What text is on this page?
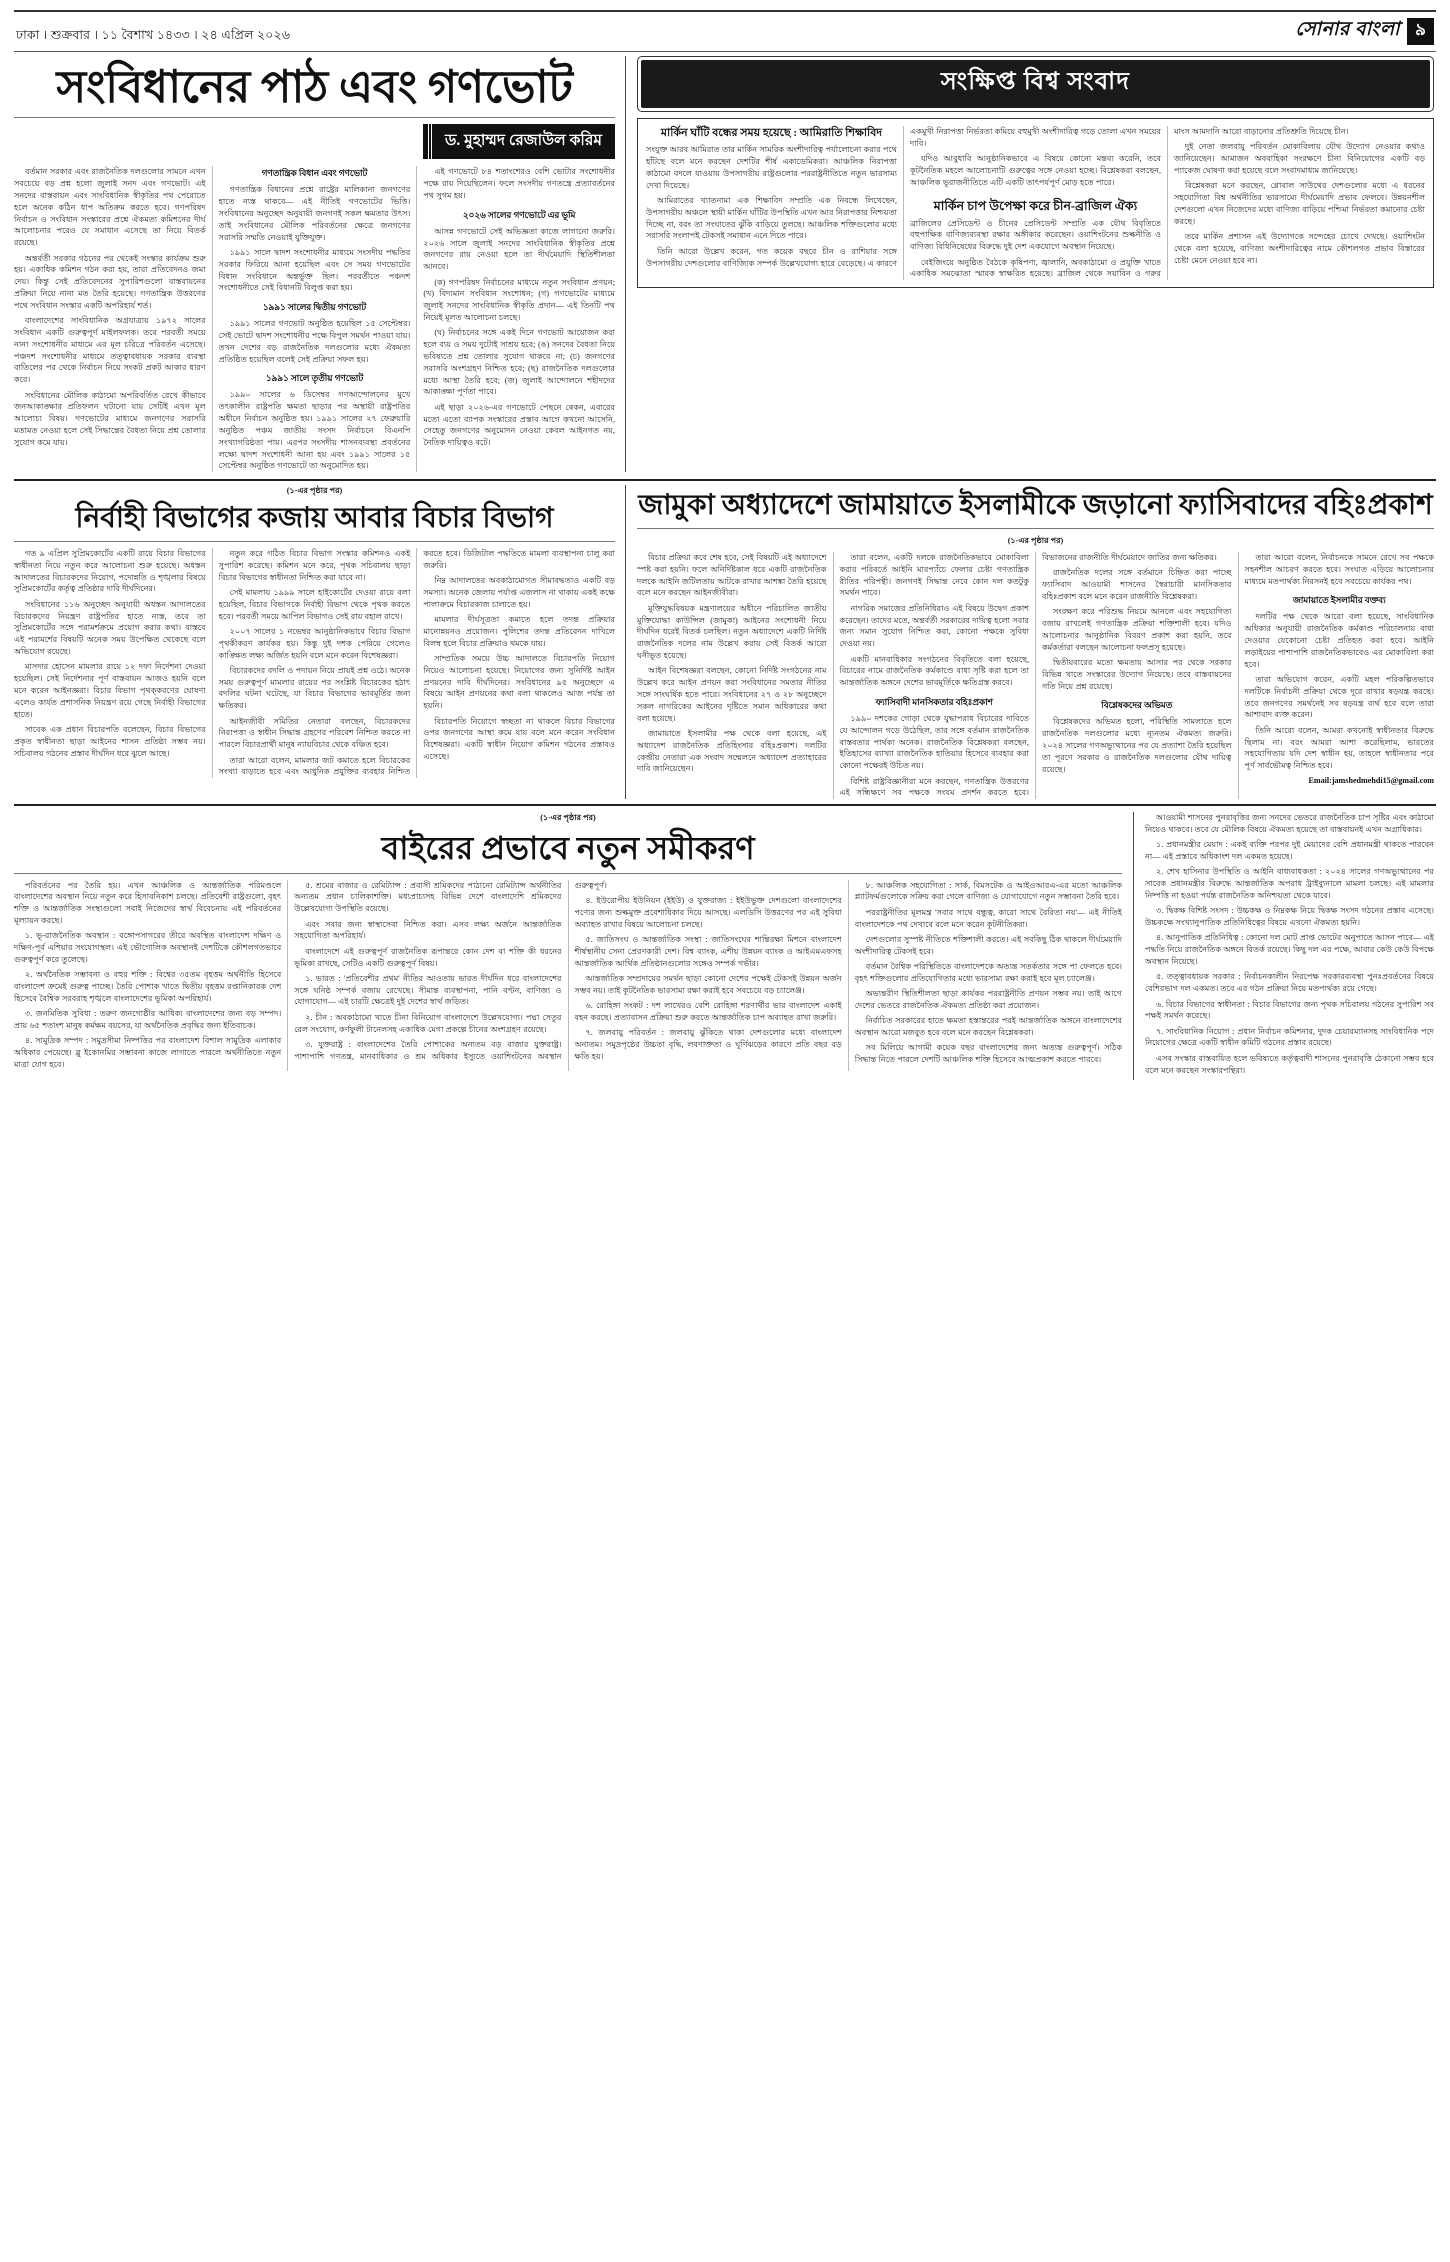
ঢাকা । শুক্রবার । ১১ বৈশাখ ১৪৩৩ । ২৪ এপ্রিল ২০২৬	সোনার বাংলা ৯
সংবিধানের পাঠ এবং গণভোট
ড. মুহাম্মদ রেজাউল করিম

বর্তমান সরকার এবং রাজনৈতিক দলগুলোর সামনে এখন সবচেয়ে বড় প্রশ্ন হলো জুলাই সনদ এবং গণভোট। এই সনদের বাস্তবায়ন এবং সাংবিধানিক স্বীকৃতির পথ পেরোতে হলে অনেক কঠিন ধাপ অতিক্রম করতে হবে। গণপরিষদ নির্বাচন ও সংবিধান সংস্কারের প্রশ্নে ঐকমত্য কমিশনের দীর্ঘ আলোচনার পরেও যে সমাধান এসেছে তা নিয়ে বিতর্ক রয়েছে।

অন্তর্বর্তী সরকার গঠনের পর থেকেই সংস্কার কার্যক্রম শুরু হয়। একাধিক কমিশন গঠন করা হয়, তারা প্রতিবেদনও জমা দেয়। কিন্তু সেই প্রতিবেদনের সুপারিশগুলো বাস্তবায়নের প্রক্রিয়া নিয়ে নানা মত তৈরি হয়েছে। গণতান্ত্রিক উত্তরণের পথে সংবিধান সংস্কার একটি অপরিহার্য শর্ত।

বাংলাদেশের সাংবিধানিক অগ্রযাত্রায় ১৯৭২ সালের সংবিধান একটি গুরুত্বপূর্ণ মাইলফলক। তবে পরবর্তী সময়ে নানা সংশোধনীর মাধ্যমে এর মূল চরিত্রে পরিবর্তন এসেছে। পঞ্চদশ সংশোধনীর মাধ্যমে তত্ত্বাবধায়ক সরকার ব্যবস্থা বাতিলের পর থেকে নির্বাচন নিয়ে সংকট প্রকট আকার ধারণ করে।

সংবিধানের মৌলিক কাঠামো অপরিবর্তিত রেখে কীভাবে জনআকাঙ্ক্ষার প্রতিফলন ঘটানো যায় সেটিই এখন মূল আলোচ্য বিষয়। গণভোটের মাধ্যমে জনগণের সরাসরি মতামত নেওয়া হলে সেই সিদ্ধান্তের বৈধতা নিয়ে প্রশ্ন তোলার সুযোগ কমে যায়।

গণতান্ত্রিক বিধান এবং গণভোট

গণতান্ত্রিক বিধানের প্রশ্নে রাষ্ট্রের মালিকানা জনগণের হাতে ন্যস্ত থাকবে— এই নীতিই গণভোটের ভিত্তি। সংবিধানের অনুচ্ছেদ অনুযায়ী জনগণই সকল ক্ষমতার উৎস। তাই সংবিধানের মৌলিক পরিবর্তনের ক্ষেত্রে জনগণের সরাসরি সম্মতি নেওয়াই যুক্তিযুক্ত।

১৯৯১ সালে দ্বাদশ সংশোধনীর মাধ্যমে সংসদীয় পদ্ধতির সরকার ফিরিয়ে আনা হয়েছিল এবং সে সময় গণভোটের বিধান সংবিধানে অন্তর্ভুক্ত ছিল। পরবর্তীতে পঞ্চদশ সংশোধনীতে সেই বিধানটি বিলুপ্ত করা হয়।

১৯৯১ সালের দ্বিতীয় গণভোট

১৯৯১ সালের গণভোট অনুষ্ঠিত হয়েছিল ১৫ সেপ্টেম্বর। সেই ভোটে দ্বাদশ সংশোধনীর পক্ষে বিপুল সমর্থন পাওয়া যায়। তখন দেশের বড় রাজনৈতিক দলগুলোর মধ্যে ঐকমত্য প্রতিষ্ঠিত হয়েছিল বলেই সেই প্রক্রিয়া সফল হয়।

১৯৯১ সালে তৃতীয় গণভোট

১৯৯০ সালের ৬ ডিসেম্বর গণআন্দোলনের মুখে তৎকালীন রাষ্ট্রপতি ক্ষমতা ছাড়ার পর অস্থায়ী রাষ্ট্রপতির অধীনে নির্বাচন অনুষ্ঠিত হয়। ১৯৯১ সালের ২৭ ফেব্রুয়ারি অনুষ্ঠিত পঞ্চম জাতীয় সংসদ নির্বাচনে বিএনপি সংখ্যাগরিষ্ঠতা পায়। এরপর সংসদীয় শাসনব্যবস্থা প্রবর্তনের লক্ষ্যে দ্বাদশ সংশোধনী আনা হয় এবং ১৯৯১ সালের ১৫ সেপ্টেম্বর অনুষ্ঠিত গণভোটে তা অনুমোদিত হয়।

এই গণভোটে ৮৪ শতাংশেরও বেশি ভোটার সংশোধনীর পক্ষে রায় দিয়েছিলেন। ফলে সংসদীয় গণতন্ত্রে প্রত্যাবর্তনের পথ সুগম হয়।

২০২৬ সালের গণভোটে এর ভূমি

আসন্ন গণভোটে সেই অভিজ্ঞতা কাজে লাগানো জরুরি। ২০২৬ সালে জুলাই সনদের সাংবিধানিক স্বীকৃতির প্রশ্নে জনগণের রায় নেওয়া হলে তা দীর্ঘমেয়াদি স্থিতিশীলতা আনবে।

(ক) গণপরিষদ নির্বাচনের মাধ্যমে নতুন সংবিধান প্রণয়ন; (খ) বিদ্যমান সংবিধান সংশোধন; (গ) গণভোটের মাধ্যমে জুলাই সনদের সাংবিধানিক স্বীকৃতি প্রদান— এই তিনটি পথ নিয়েই মূলত আলোচনা চলছে।

(ঘ) নির্বাচনের সঙ্গে একই দিনে গণভোট আয়োজন করা হলে ব্যয় ও সময় দুটোই সাশ্রয় হবে; (ঙ) সনদের বৈধতা নিয়ে ভবিষ্যতে প্রশ্ন তোলার সুযোগ থাকবে না; (চ) জনগণের সরাসরি অংশগ্রহণ নিশ্চিত হবে; (ছ) রাজনৈতিক দলগুলোর মধ্যে আস্থা তৈরি হবে; (জ) জুলাই আন্দোলনে শহীদদের আকাঙ্ক্ষা পূর্ণতা পাবে।

এই ছাড়া ২০২৬-এর গণভোটে পেছনে ৰেকন, এবারের মতো এতো ব্যাপক সংস্কারের প্রস্তাব আগে কখনো আসেনি, সেহেতু জনগণের অনুমোদন নেওয়া কেবল আইনগত নয়, নৈতিক দায়িত্বও বটে।

সংক্ষিপ্ত বিশ্ব সংবাদ
মার্কিন ঘাঁটি বন্ধের সময় হয়েছে : আমিরাতি শিক্ষাবিদ

সংযুক্ত আরব আমিরাত তার মার্কিন সামরিক অংশীদারিত্ব পর্যালোচনা করার পথে হাঁটছে বলে মনে করছেন দেশটির শীর্ষ একাডেমিকরা। আঞ্চলিক নিরাপত্তা কাঠামো বদলে যাওয়ায় উপসাগরীয় রাষ্ট্রগুলোর পররাষ্ট্রনীতিতে নতুন ভারসাম্য দেখা দিয়েছে।

আমিরাতের খ্যাতনামা এক শিক্ষাবিদ সম্প্রতি এক নিবন্ধে লিখেছেন, উপসাগরীয় অঞ্চলে স্থায়ী মার্কিন ঘাঁটির উপস্থিতি এখন আর নিরাপত্তার নিশ্চয়তা দিচ্ছে না, বরং তা সংঘাতের ঝুঁকি বাড়িয়ে তুলছে। আঞ্চলিক শক্তিগুলোর মধ্যে সরাসরি সংলাপই টেকসই সমাধান এনে দিতে পারে।

তিনি আরো উল্লেখ করেন, গত কয়েক বছরে চীন ও রাশিয়ার সঙ্গে উপসাগরীয় দেশগুলোর বাণিজ্যিক সম্পর্ক উল্লেখযোগ্য হারে বেড়েছে। এ কারণে একমুখী নিরাপত্তা নির্ভরতা কমিয়ে বহুমুখী অংশীদারিত্ব গড়ে তোলা এখন সময়ের দাবি।

যদিও আবুধাবি আনুষ্ঠানিকভাবে এ বিষয়ে কোনো মন্তব্য করেনি, তবে কূটনৈতিক মহলে আলোচনাটি গুরুত্বের সঙ্গে নেওয়া হচ্ছে। বিশ্লেষকরা বলছেন, আঞ্চলিক ভূরাজনীতিতে এটি একটি তাৎপর্যপূর্ণ মোড় হতে পারে।

মার্কিন চাপ উপেক্ষা করে চীন-ব্রাজিল ঐক্য

ব্রাজিলের প্রেসিডেন্ট ও চীনের প্রেসিডেন্ট সম্প্রতি এক যৌথ বিবৃতিতে বহুপাক্ষিক বাণিজ্যব্যবস্থা রক্ষার অঙ্গীকার করেছেন। ওয়াশিংটনের শুল্কনীতি ও বাণিজ্য বিধিনিষেধের বিরুদ্ধে দুই দেশ একযোগে অবস্থান নিয়েছে।

বেইজিংয়ে অনুষ্ঠিত বৈঠকে কৃষিপণ্য, জ্বালানি, অবকাঠামো ও প্রযুক্তি খাতে একাধিক সমঝোতা স্মারক স্বাক্ষরিত হয়েছে। ব্রাজিল থেকে সয়াবিন ও গরুর মাংস আমদানি আরো বাড়ানোর প্রতিশ্রুতি দিয়েছে চীন।

দুই নেতা জলবায়ু পরিবর্তন মোকাবিলায় যৌথ উদ্যোগ নেওয়ার কথাও জানিয়েছেন। আমাজন অববাহিকা সংরক্ষণে চীনা বিনিয়োগের একটি বড় প্যাকেজ ঘোষণা করা হয়েছে বলে সংবাদমাধ্যম জানিয়েছে।

বিশ্লেষকরা মনে করছেন, গ্লোবাল সাউথের দেশগুলোর মধ্যে এ ধরনের সহযোগিতা বিশ্ব অর্থনীতির ভারসাম্যে দীর্ঘমেয়াদি প্রভাব ফেলবে। উন্নয়নশীল দেশগুলো এখন নিজেদের মধ্যে বাণিজ্য বাড়িয়ে পশ্চিমা নির্ভরতা কমানোর চেষ্টা করছে।

তবে মার্কিন প্রশাসন এই উদ্যোগকে সন্দেহের চোখে দেখছে। ওয়াশিংটন থেকে বলা হয়েছে, বাণিজ্য অংশীদারিত্বের নামে কৌশলগত প্রভাব বিস্তারের চেষ্টা মেনে নেওয়া হবে না।

(১-এর পৃষ্ঠার পর)
নির্বাহী বিভাগের কজায় আবার বিচার বিভাগ

গত ৯ এপ্রিল সুপ্রিমকোর্টের একটি রায়ে বিচার বিভাগের স্বাধীনতা নিয়ে নতুন করে আলোচনা শুরু হয়েছে। অধস্তন আদালতের বিচারকদের নিয়োগ, পদোন্নতি ও শৃঙ্খলার বিষয়ে সুপ্রিমকোর্টের কর্তৃত্ব প্রতিষ্ঠার দাবি দীর্ঘদিনের।

সংবিধানের ১১৬ অনুচ্ছেদ অনুযায়ী অধস্তন আদালতের বিচারকদের নিয়ন্ত্রণ রাষ্ট্রপতির হাতে ন্যস্ত, তবে তা সুপ্রিমকোর্টের সঙ্গে পরামর্শক্রমে প্রয়োগ করার কথা। বাস্তবে এই পরামর্শের বিষয়টি অনেক সময় উপেক্ষিত থেকেছে বলে অভিযোগ রয়েছে।

মাসদার হোসেন মামলার রায়ে ১২ দফা নির্দেশনা দেওয়া হয়েছিল। সেই নির্দেশনার পূর্ণ বাস্তবায়ন আজও হয়নি বলে মনে করেন আইনজ্ঞরা। বিচার বিভাগ পৃথক্‌করণের ঘোষণা এলেও কার্যত প্রশাসনিক নিয়ন্ত্রণ রয়ে গেছে নির্বাহী বিভাগের হাতে।

সাবেক এক প্রধান বিচারপতি বলেছেন, বিচার বিভাগের প্রকৃত স্বাধীনতা ছাড়া আইনের শাসন প্রতিষ্ঠা সম্ভব নয়। সচিবালয় গঠনের প্রস্তাব দীর্ঘদিন ধরে ঝুলে আছে।

নতুন করে গঠিত বিচার বিভাগ সংস্কার কমিশনও একই সুপারিশ করেছে। কমিশন মনে করে, পৃথক সচিবালয় ছাড়া বিচার বিভাগের স্বাধীনতা নিশ্চিত করা যাবে না।

সেই মামলায় ১৯৯৯ সালে হাইকোর্টের দেওয়া রায়ে বলা হয়েছিল, বিচার বিভাগকে নির্বাহী বিভাগ থেকে পৃথক করতে হবে। পরবর্তী সময়ে আপিল বিভাগও সেই রায় বহাল রাখে।

২০০৭ সালের ১ নভেম্বর আনুষ্ঠানিকভাবে বিচার বিভাগ পৃথকীকরণ কার্যকর হয়। কিন্তু দুই দশক পেরিয়ে গেলেও কাঙ্ক্ষিত লক্ষ্য অর্জিত হয়নি বলে মনে করেন বিশেষজ্ঞরা।

বিচারকদের বদলি ও পদায়ন নিয়ে প্রায়ই প্রশ্ন ওঠে। অনেক সময় গুরুত্বপূর্ণ মামলার রায়ের পর সংশ্লিষ্ট বিচারকের হঠাৎ বদলির ঘটনা ঘটেছে, যা বিচার বিভাগের ভাবমূর্তির জন্য ক্ষতিকর।

আইনজীবী সমিতির নেতারা বলছেন, বিচারকদের নিরাপত্তা ও স্বাধীন সিদ্ধান্ত গ্রহণের পরিবেশ নিশ্চিত করতে না পারলে বিচারপ্রার্থী মানুষ ন্যায়বিচার থেকে বঞ্চিত হবে।

তারা আরো বলেন, মামলার জট কমাতে হলে বিচারকের সংখ্যা বাড়াতে হবে এবং আধুনিক প্রযুক্তির ব্যবহার নিশ্চিত করতে হবে। ডিজিটাল পদ্ধতিতে মামলা ব্যবস্থাপনা চালু করা জরুরি।

নিম্ন আদালতের অবকাঠামোগত সীমাবদ্ধতাও একটি বড় সমস্যা। অনেক জেলায় পর্যাপ্ত এজলাস না থাকায় একই কক্ষে পালাক্রমে বিচারকাজ চালাতে হয়।

মামলার দীর্ঘসূত্রতা কমাতে হলে তদন্ত প্রক্রিয়ার মানোন্নয়নও প্রয়োজন। পুলিশের তদন্ত প্রতিবেদন দাখিলে বিলম্ব হলে বিচার প্রক্রিয়াও থমকে যায়।

সাম্প্রতিক সময়ে উচ্চ আদালতে বিচারপতি নিয়োগ নিয়েও আলোচনা হয়েছে। নিয়োগের জন্য সুনির্দিষ্ট আইন প্রণয়নের দাবি দীর্ঘদিনের। সংবিধানের ৯৫ অনুচ্ছেদে এ বিষয়ে আইন প্রণয়নের কথা বলা থাকলেও আজ পর্যন্ত তা হয়নি।

বিচারপতি নিয়োগে স্বচ্ছতা না থাকলে বিচার বিভাগের ওপর জনগণের আস্থা কমে যায় বলে মনে করেন সংবিধান বিশেষজ্ঞরা। একটি স্বাধীন নিয়োগ কমিশন গঠনের প্রস্তাবও এসেছে।

জামুকা অধ্যাদেশে জামায়াতে ইসলামীকে জড়ানো ফ্যাসিবাদের বহিঃপ্রকাশ
(১-এর পৃষ্ঠার পর)

বিচার প্রক্রিয়া কবে শেষ হবে, সেই বিষয়টি এই অধ্যাদেশে স্পষ্ট করা হয়নি। ফলে অনির্দিষ্টকাল ধরে একটি রাজনৈতিক দলকে আইনি জটিলতায় আটকে রাখার আশঙ্কা তৈরি হয়েছে বলে মনে করছেন আইনজীবীরা।

মুক্তিযুদ্ধবিষয়ক মন্ত্রণালয়ের অধীনে পরিচালিত জাতীয় মুক্তিযোদ্ধা কাউন্সিল (জামুকা) আইনের সংশোধনী নিয়ে দীর্ঘদিন ধরেই বিতর্ক চলছিল। নতুন অধ্যাদেশে একটি নির্দিষ্ট রাজনৈতিক দলের নাম উল্লেখ করায় সেই বিতর্ক আরো ঘনীভূত হয়েছে।

আইন বিশেষজ্ঞরা বলছেন, কোনো নির্দিষ্ট সংগঠনের নাম উল্লেখ করে আইন প্রণয়ন করা সংবিধানের সমতার নীতির সঙ্গে সাংঘর্ষিক হতে পারে। সংবিধানের ২৭ ও ২৮ অনুচ্ছেদে সকল নাগরিকের আইনের দৃষ্টিতে সমান অধিকারের কথা বলা হয়েছে।

জামায়াতে ইসলামীর পক্ষ থেকে বলা হয়েছে, এই অধ্যাদেশ রাজনৈতিক প্রতিহিংসার বহিঃপ্রকাশ। দলটির কেন্দ্রীয় নেতারা এক সংবাদ সম্মেলনে অধ্যাদেশ প্রত্যাহারের দাবি জানিয়েছেন।

তারা বলেন, একটি দলকে রাজনৈতিকভাবে মোকাবিলা করার পরিবর্তে আইনি মারপ্যাঁচে ফেলার চেষ্টা গণতান্ত্রিক রীতির পরিপন্থী। জনগণই সিদ্ধান্ত নেবে কোন দল কতটুকু সমর্থন পাবে।

নাগরিক সমাজের প্রতিনিধিরাও এই বিষয়ে উদ্বেগ প্রকাশ করেছেন। তাদের মতে, অন্তর্বর্তী সরকারের দায়িত্ব হলো সবার জন্য সমান সুযোগ নিশ্চিত করা, কোনো পক্ষকে সুবিধা দেওয়া নয়।

একটি মানবাধিকার সংগঠনের বিবৃতিতে বলা হয়েছে, বিচারের নামে রাজনৈতিক কর্মকাণ্ডে বাধা সৃষ্টি করা হলে তা আন্তর্জাতিক অঙ্গনে দেশের ভাবমূর্তিকে ক্ষতিগ্রস্ত করবে।

ফ্যাসিবাদী মানসিকতার বহিঃপ্রকাশ

১৯৯০ দশকের গোড়া থেকে যুদ্ধাপরাধ বিচারের দাবিতে যে আন্দোলন গড়ে উঠেছিল, তার সঙ্গে বর্তমান রাজনৈতিক বাস্তবতার পার্থক্য অনেক। রাজনৈতিক বিশ্লেষকরা বলছেন, ইতিহাসের ব্যাখ্যা রাজনৈতিক হাতিয়ার হিসেবে ব্যবহার করা কোনো পক্ষেরই উচিত নয়।

বিশিষ্ট রাষ্ট্রবিজ্ঞানীরা মনে করছেন, গণতান্ত্রিক উত্তরণের এই সন্ধিক্ষণে সব পক্ষকে সংযম প্রদর্শন করতে হবে। বিভাজনের রাজনীতি দীর্ঘমেয়াদে জাতির জন্য ক্ষতিকর।

রাজনৈতিক দলের সঙ্গে বর্তমানে চিহ্নিত করা পাচ্ছে ফ্যাসিবাদ আওয়ামী শাসনের স্বৈরাচারী মানসিকতার বহিঃপ্রকাশ বলে মনে করেন রাজনীতি বিশ্লেষকরা।

সংরক্ষণ করে পরিশুদ্ধ নিয়মে আনলে এবং সহযোগিতা বজায় রাখলেই গণতান্ত্রিক প্রক্রিয়া শক্তিশালী হবে। যদিও আলোচনার আনুষ্ঠানিক বিবরণ প্রকাশ করা হয়নি, তবে কর্মকর্তারা বলছেন আলোচনা ফলপ্রসূ হয়েছে।

দ্বিতীয়বারের মতো ক্ষমতায় আসার পর থেকে সরকার বিভিন্ন খাতে সংস্কারের উদ্যোগ নিয়েছে। তবে বাস্তবায়নের গতি নিয়ে প্রশ্ন রয়েছে।

বিশ্লেষকদের অভিমত

বিশ্লেষকদের অভিমত হলো, পরিস্থিতি সামলাতে হলে রাজনৈতিক দলগুলোর মধ্যে ন্যূনতম ঐকমত্য জরুরি। ২০২৪ সালের গণঅভ্যুত্থানের পর যে প্রত্যাশা তৈরি হয়েছিল তা পূরণে সরকার ও রাজনৈতিক দলগুলোর যৌথ দায়িত্ব রয়েছে।

তারা আরো বলেন, নির্বাচনকে সামনে রেখে সব পক্ষকে সহনশীল আচরণ করতে হবে। সংঘাত এড়িয়ে আলোচনার মাধ্যমে মতপার্থক্য নিরসনই হবে সবচেয়ে কার্যকর পথ।

জামায়াতে ইসলামীর বক্তব্য

দলটির পক্ষ থেকে আরো বলা হয়েছে, সাংবিধানিক অধিকার অনুযায়ী রাজনৈতিক কর্মকাণ্ড পরিচালনায় বাধা দেওয়ার যেকোনো চেষ্টা প্রতিহত করা হবে। আইনি লড়াইয়ের পাশাপাশি রাজনৈতিকভাবেও এর মোকাবিলা করা হবে।

তারা অভিযোগ করেন, একটি মহল পরিকল্পিতভাবে দলটিকে নির্বাচনী প্রক্রিয়া থেকে দূরে রাখার ষড়যন্ত্র করছে। তবে জনগণের সমর্থনেই সব ষড়যন্ত্র ব্যর্থ হবে বলে তারা আশাবাদ ব্যক্ত করেন।

তিনি আরো বলেন, আমরা কখনোই স্বাধীনতার বিরুদ্ধে ছিলাম না। বরং আমরা আশা করেছিলাম, ভারতের সহযোগিতায় যদি দেশ স্বাধীন হয়, তাহলে স্বাধীনতার পরে পূর্ণ সার্বভৌমত্ব নিশ্চিত হবে।

Email:jamshedmehdi15@gmail.com

(১-এর পৃষ্ঠার পর)
বাইরের প্রভাবে নতুন সমীকরণ

পরিবর্তনের পর তৈরি হয়। এখন আঞ্চলিক ও আন্তর্জাতিক পরিমণ্ডলে বাংলাদেশের অবস্থান নিয়ে নতুন করে হিসাবনিকাশ চলছে। প্রতিবেশী রাষ্ট্রগুলো, বৃহৎ শক্তি ও আন্তর্জাতিক সংস্থাগুলো সবাই নিজেদের স্বার্থ বিবেচনায় এই পরিবর্তনের মূল্যায়ন করছে।

১. ভূ-রাজনৈতিক অবস্থান : বঙ্গোপসাগরের তীরে অবস্থিত বাংলাদেশ দক্ষিণ ও দক্ষিণ-পূর্ব এশিয়ার সংযোগস্থল। এই ভৌগোলিক অবস্থানই দেশটিকে কৌশলগতভাবে গুরুত্বপূর্ণ করে তুলেছে।

২. অর্থনৈতিক সম্ভাবনা ও বহুর শক্তি : বিশ্বের ৩৫তম বৃহত্তম অর্থনীতি হিসেবে বাংলাদেশ ক্রমেই গুরুত্ব পাচ্ছে। তৈরি পোশাক খাতে দ্বিতীয় বৃহত্তম রপ্তানিকারক দেশ হিসেবে বৈশ্বিক সরবরাহ শৃঙ্খলে বাংলাদেশের ভূমিকা অপরিহার্য।

৩. জনমিতিক সুবিধা : তরুণ জনগোষ্ঠীর আধিক্য বাংলাদেশের জন্য বড় সম্পদ। প্রায় ৬৫ শতাংশ মানুষ কর্মক্ষম বয়সের, যা অর্থনৈতিক প্রবৃদ্ধির জন্য ইতিবাচক।

৪. সামুদ্রিক সম্পদ : সমুদ্রসীমা নিষ্পত্তির পর বাংলাদেশ বিশাল সামুদ্রিক এলাকার অধিকার পেয়েছে। ব্লু ইকোনমির সম্ভাবনা কাজে লাগাতে পারলে অর্থনীতিতে নতুন মাত্রা যোগ হবে।

৫. শ্রমের বাজার ও রেমিট্যান্স : প্রবাসী শ্রমিকদের পাঠানো রেমিট্যান্স অর্থনীতির অন্যতম প্রধান চালিকাশক্তি। মধ্যপ্রাচ্যসহ বিভিন্ন দেশে বাংলাদেশি শ্রমিকদের উল্লেখযোগ্য উপস্থিতি রয়েছে।

এবং সবার জন্য স্বাস্থ্যসেবা নিশ্চিত করা। এসব লক্ষ্য অর্জনে আন্তর্জাতিক সহযোগিতা অপরিহার্য।

বাংলাদেশে এই গুরুত্বপূর্ণ রাজনৈতিক রূপান্তরে কোন দেশ বা শক্তি কী ধরনের ভূমিকা রাখছে, সেটিও একটি গুরুত্বপূর্ণ বিষয়।

১. ভারত : 'প্রতিবেশীর প্রথম' নীতির আওতায় ভারত দীর্ঘদিন ধরে বাংলাদেশের সঙ্গে ঘনিষ্ঠ সম্পর্ক বজায় রেখেছে। সীমান্ত ব্যবস্থাপনা, পানি বণ্টন, বাণিজ্য ও যোগাযোগ— এই চারটি ক্ষেত্রেই দুই দেশের স্বার্থ জড়িত।

২. চীন : অবকাঠামো খাতে চীনা বিনিয়োগ বাংলাদেশে উল্লেখযোগ্য। পদ্মা সেতুর রেল সংযোগ, কর্ণফুলী টানেলসহ একাধিক মেগা প্রকল্পে চীনের অংশগ্রহণ রয়েছে।

৩. যুক্তরাষ্ট্র : বাংলাদেশের তৈরি পোশাকের অন্যতম বড় বাজার যুক্তরাষ্ট্র। পাশাপাশি গণতন্ত্র, মানবাধিকার ও শ্রম অধিকার ইস্যুতে ওয়াশিংটনের অবস্থান গুরুত্বপূর্ণ।

৪. ইউরোপীয় ইউনিয়ন (ইইউ) ও যুক্তরাজ্য : ইইউভুক্ত দেশগুলো বাংলাদেশের পণ্যের জন্য শুল্কমুক্ত প্রবেশাধিকার দিয়ে আসছে। এলডিসি উত্তরণের পর এই সুবিধা অব্যাহত রাখার বিষয়ে আলোচনা চলছে।

৫. জাতিসংঘ ও আন্তর্জাতিক সংস্থা : জাতিসংঘের শান্তিরক্ষা মিশনে বাংলাদেশ শীর্ষস্থানীয় সেনা প্রেরণকারী দেশ। বিশ্ব ব্যাংক, এশীয় উন্নয়ন ব্যাংক ও আইএমএফসহ আন্তর্জাতিক আর্থিক প্রতিষ্ঠানগুলোর সঙ্গেও সম্পর্ক গভীর।

আন্তর্জাতিক সম্প্রদায়ের সমর্থন ছাড়া কোনো দেশের পক্ষেই টেকসই উন্নয়ন অর্জন সম্ভব নয়। তাই কূটনৈতিক ভারসাম্য রক্ষা করাই হবে সবচেয়ে বড় চ্যালেঞ্জ।

৬. রোহিঙ্গা সংকট : দশ লাখেরও বেশি রোহিঙ্গা শরণার্থীর ভার বাংলাদেশ একাই বহন করছে। প্রত্যাবাসন প্রক্রিয়া শুরু করতে আন্তর্জাতিক চাপ অব্যাহত রাখা জরুরি।

৭. জলবায়ু পরিবর্তন : জলবায়ু ঝুঁকিতে থাকা দেশগুলোর মধ্যে বাংলাদেশ অন্যতম। সমুদ্রপৃষ্ঠের উচ্চতা বৃদ্ধি, লবণাক্ততা ও ঘূর্ণিঝড়ের কারণে প্রতি বছর বড় ক্ষতি হয়।

৮. আঞ্চলিক সহযোগিতা : সার্ক, বিমসটেক ও আইওআরএ-এর মতো আঞ্চলিক প্ল্যাটফর্মগুলোকে সক্রিয় করা গেলে বাণিজ্য ও যোগাযোগে নতুন সম্ভাবনা তৈরি হবে।

পররাষ্ট্রনীতির মূলমন্ত্র 'সবার সাথে বন্ধুত্ব, কারো সাথে বৈরিতা নয়'— এই নীতিই বাংলাদেশকে পথ দেখাবে বলে মনে করেন কূটনীতিকরা।

দেশগুলোর সুস্পষ্ট নীতিতে শক্তিশালী করতে। এই সবকিছু ঠিক থাকলে দীর্ঘমেয়াদি অংশীদারিত্ব টেকসই হবে।

বর্তমান বৈশ্বিক পরিস্থিতিতে বাংলাদেশকে অত্যন্ত সতর্কতার সঙ্গে পা ফেলতে হবে। বৃহৎ শক্তিগুলোর প্রতিযোগিতার মধ্যে ভারসাম্য রক্ষা করাই হবে মূল চ্যালেঞ্জ।

অভ্যন্তরীণ স্থিতিশীলতা ছাড়া কার্যকর পররাষ্ট্রনীতি প্রণয়ন সম্ভব নয়। তাই আগে দেশের ভেতরে রাজনৈতিক ঐকমত্য প্রতিষ্ঠা করা প্রয়োজন।

নির্বাচিত সরকারের হাতে ক্ষমতা হস্তান্তরের পরই আন্তর্জাতিক অঙ্গনে বাংলাদেশের অবস্থান আরো মজবুত হবে বলে মনে করছেন বিশ্লেষকরা।

সব মিলিয়ে আগামী কয়েক বছর বাংলাদেশের জন্য অত্যন্ত গুরুত্বপূর্ণ। সঠিক সিদ্ধান্ত নিতে পারলে দেশটি আঞ্চলিক শক্তি হিসেবে আত্মপ্রকাশ করতে পারবে।

আওয়ামী শাসনের পুনরাবৃত্তির জন্য সনদের ভেতরে রাজনৈতিক চাপ সৃষ্টির এবং কাঠামো নিয়েও থাকবে। তবে যে মৌলিক বিষয়ে ঐকমত্য হয়েছে তা বাস্তবায়নই এখন অগ্রাধিকার।

১. প্রধানমন্ত্রীর মেয়াদ : একই ব্যক্তি পরপর দুই মেয়াদের বেশি প্রধানমন্ত্রী থাকতে পারবেন না— এই প্রস্তাবে অধিকাংশ দল একমত হয়েছে।

২. শেখ হাসিনার উপস্থিতি ও আইনি বাধ্যবাধকতা : ২০২৪ সালের গণঅভ্যুত্থানের পর সাবেক প্রধানমন্ত্রীর বিরুদ্ধে আন্তর্জাতিক অপরাধ ট্রাইব্যুনালে মামলা চলছে। এই মামলার নিষ্পত্তি না হওয়া পর্যন্ত রাজনৈতিক অনিশ্চয়তা থেকে যাবে।

৩. দ্বিকক্ষ বিশিষ্ট সংসদ : উচ্চকক্ষ ও নিম্নকক্ষ নিয়ে দ্বিকক্ষ সংসদ গঠনের প্রস্তাব এসেছে। উচ্চকক্ষে সংখ্যানুপাতিক প্রতিনিধিত্বের বিষয়ে এখনো ঐকমত্য হয়নি।

৪. আনুপাতিক প্রতিনিধিত্ব : কোনো দল মোট প্রাপ্ত ভোটের অনুপাতে আসন পাবে— এই পদ্ধতি নিয়ে রাজনৈতিক অঙ্গনে বিতর্ক রয়েছে। কিছু দল এর পক্ষে, আবার কেউ কেউ বিপক্ষে অবস্থান নিয়েছে।

৫. তত্ত্বাবধায়ক সরকার : নির্বাচনকালীন নিরপেক্ষ সরকারব্যবস্থা পুনঃপ্রবর্তনের বিষয়ে বেশিরভাগ দল একমত। তবে এর গঠন প্রক্রিয়া নিয়ে মতপার্থক্য রয়ে গেছে।

৬. বিচার বিভাগের স্বাধীনতা : বিচার বিভাগের জন্য পৃথক সচিবালয় গঠনের সুপারিশ সব পক্ষই সমর্থন করেছে।

৭. সাংবিধানিক নিয়োগ : প্রধান নির্বাচন কমিশনার, দুদক চেয়ারম্যানসহ সাংবিধানিক পদে নিয়োগের ক্ষেত্রে একটি স্বাধীন কমিটি গঠনের প্রস্তাব রয়েছে।

এসব সংস্কার বাস্তবায়িত হলে ভবিষ্যতে কর্তৃত্ববাদী শাসনের পুনরাবৃত্তি ঠেকানো সম্ভব হবে বলে মনে করছেন সংস্কারপন্থিরা।
